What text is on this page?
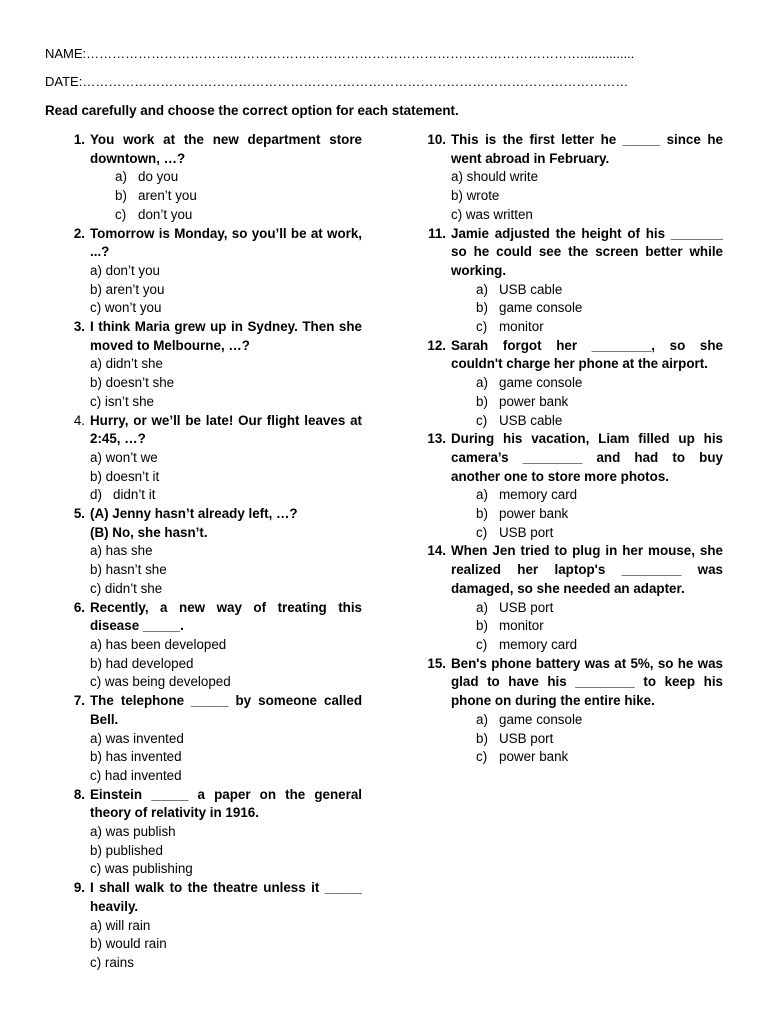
NAME:……………………………………………………………………………………………………...............
DATE:………………………………………………………………………………………………………………
Read carefully and choose the correct option for each statement.
1. You work at the new department store downtown, …?
a) do you
b) aren’t you
c) don’t you
2. Tomorrow is Monday, so you’ll be at work, ...?
a) don’t you
b) aren’t you
c) won’t you
3. I think Maria grew up in Sydney. Then she moved to Melbourne, …?
a) didn’t she
b) doesn’t she
c) isn’t she
4. Hurry, or we’ll be late! Our flight leaves at 2:45, …?
a) won’t we
b) doesn’t it
d) didn’t it
5. (A) Jenny hasn’t already left, …?
(B) No, she hasn’t.
a) has she
b) hasn’t she
c) didn’t she
6. Recently, a new way of treating this disease _____.
a) has been developed
b) had developed
c) was being developed
7. The telephone _____ by someone called Bell.
a) was invented
b) has invented
c) had invented
8. Einstein _____ a paper on the general theory of relativity in 1916.
a) was publish
b) published
c) was publishing
9. I shall walk to the theatre unless it _____ heavily.
a) will rain
b) would rain
c) rains
10. This is the first letter he _____ since he went abroad in February.
a) should write
b) wrote
c) was written
11. Jamie adjusted the height of his _______ so he could see the screen better while working.
a) USB cable
b) game console
c) monitor
12. Sarah forgot her ________, so she couldn't charge her phone at the airport.
a) game console
b) power bank
c) USB cable
13. During his vacation, Liam filled up his camera’s ________ and had to buy another one to store more photos.
a) memory card
b) power bank
c) USB port
14. When Jen tried to plug in her mouse, she realized her laptop's ________ was damaged, so she needed an adapter.
a) USB port
b) monitor
c) memory card
15. Ben's phone battery was at 5%, so he was glad to have his ________ to keep his phone on during the entire hike.
a) game console
b) USB port
c) power bank
